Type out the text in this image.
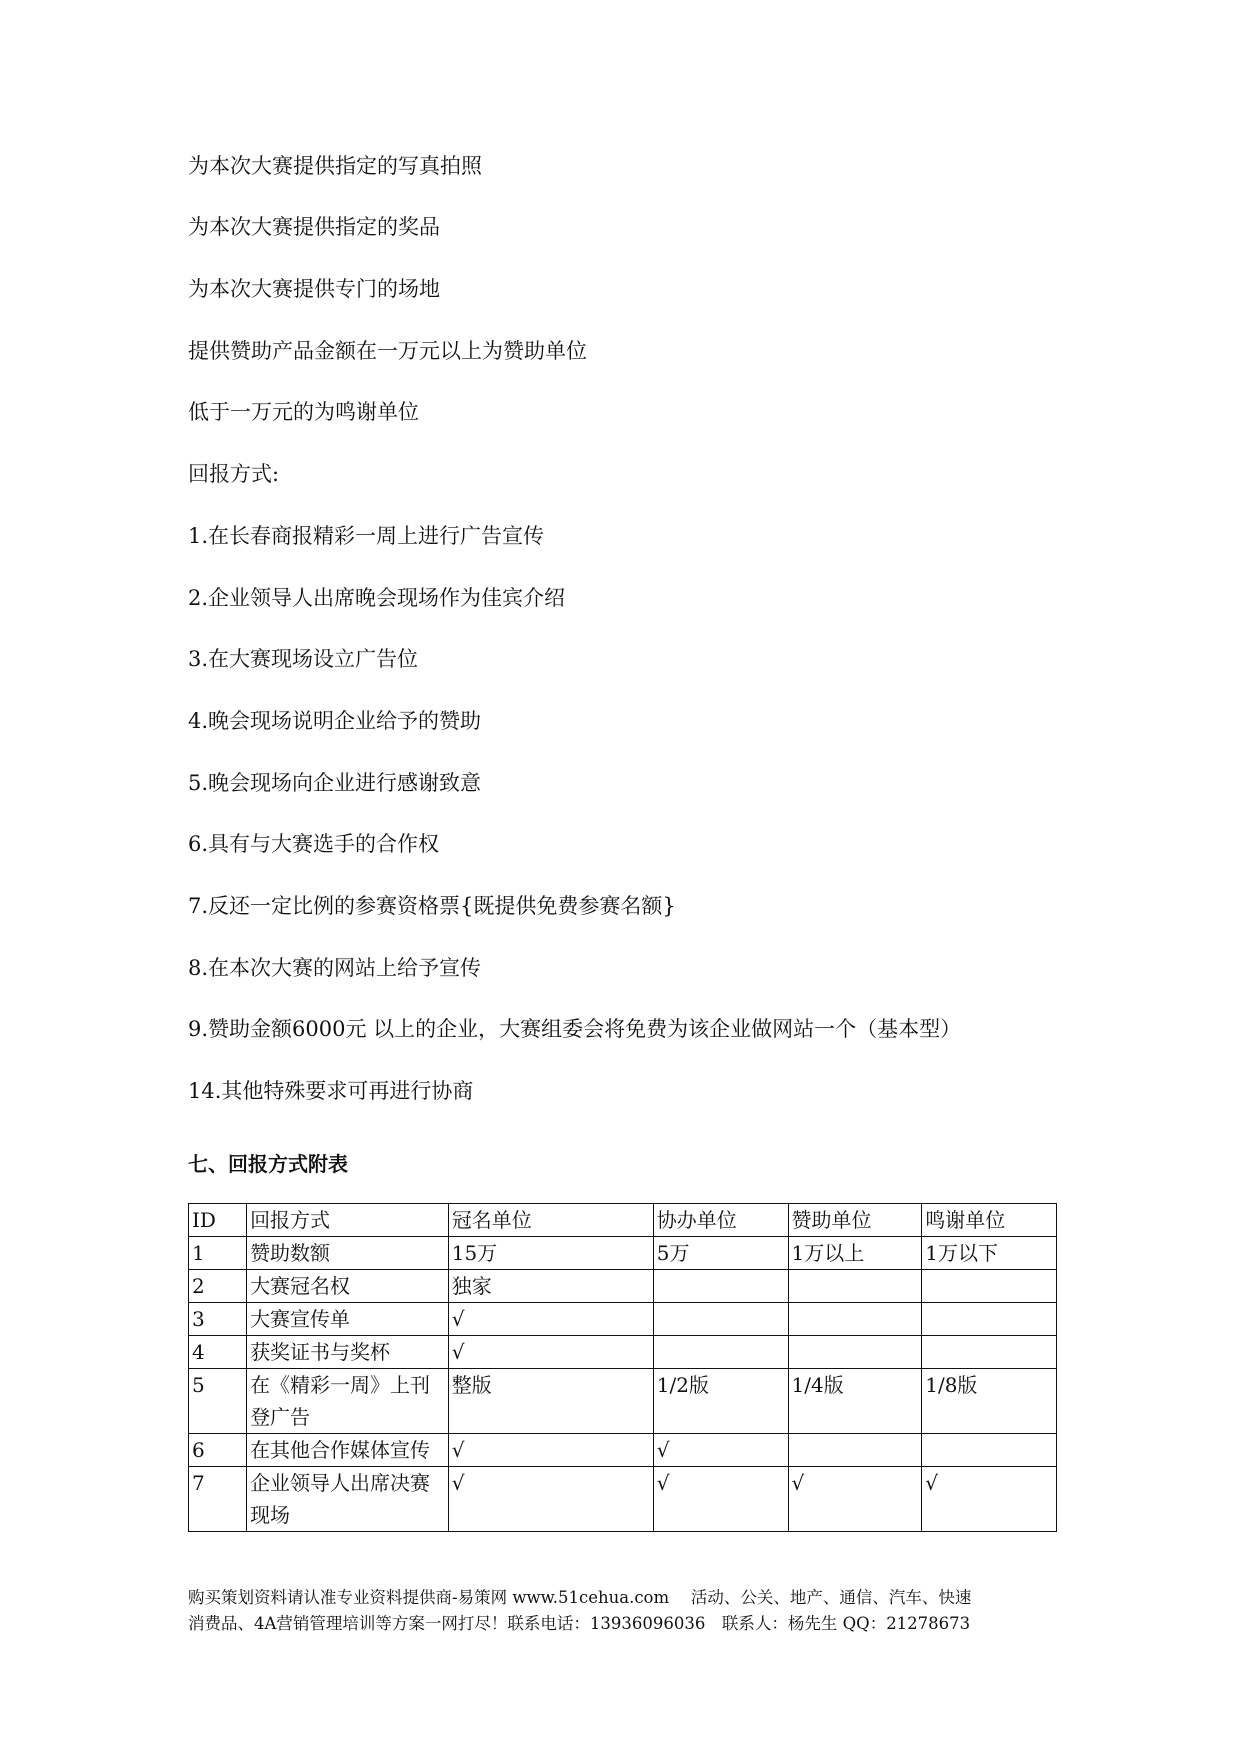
为本次大赛提供指定的写真拍照
为本次大赛提供指定的奖品
为本次大赛提供专门的场地
提供赞助产品金额在一万元以上为赞助单位
低于一万元的为鸣谢单位
回报方式:
1.在长春商报精彩一周上进行广告宣传
2.企业领导人出席晚会现场作为佳宾介绍
3.在大赛现场设立广告位
4.晚会现场说明企业给予的赞助
5.晚会现场向企业进行感谢致意
6.具有与大赛选手的合作权
7.反还一定比例的参赛资格票{既提供免费参赛名额}
8.在本次大赛的网站上给予宣传
9.赞助金额6000元 以上的企业，大赛组委会将免费为该企业做网站一个（基本型）
14.其他特殊要求可再进行协商
七、回报方式附表
ID	回报方式	冠名单位	协办单位	赞助单位	鸣谢单位
1	赞助数额	15万	5万	1万以上	1万以下
2	大赛冠名权	独家			
3	大赛宣传单	√			
4	获奖证书与奖杯	√			
5	在《精彩一周》上刊登广告	整版	1/2版	1/4版	1/8版
6	在其他合作媒体宣传	√	√		
7	企业领导人出席决赛现场	√	√	√	√
购买策划资料请认准专业资料提供商-易策网 www.51cehua.com　 活动、公关、地产、通信、汽车、快速
消费品、4A营销管理培训等方案一网打尽！联系电话：13936096036　联系人：杨先生 QQ：21278673
